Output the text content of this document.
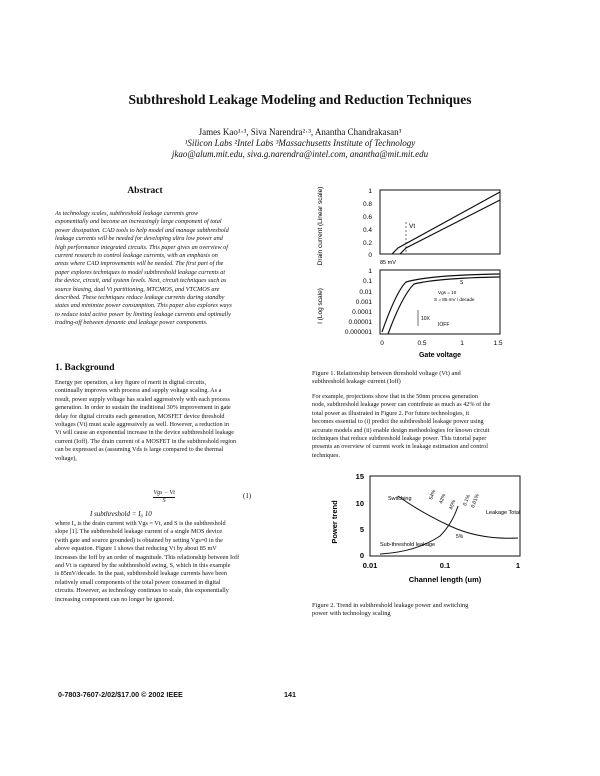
Subthreshold Leakage Modeling and Reduction Techniques
James Kao¹·³, Siva Narendra²·³, Anantha Chandrakasan³
¹Silicon Labs ²Intel Labs ³Massachusetts Institute of Technology
jkao@alum.mit.edu, siva.g.narendra@intel.com, anantha@mit.mit.edu
Abstract
As technology scales, subthreshold leakage currents grow
exponentially and become an increasingly large component of total
power dissipation. CAD tools to help model and manage subthreshold
leakage currents will be needed for developing ultra low power and
high performance integrated circuits. This paper gives an overview of
current research to control leakage currents, with an emphasis on
areas where CAD improvements will be needed. The first part of the
paper explores techniques to model subthreshold leakage currents at
the device, circuit, and system levels. Next, circuit techniques such as
source biasing, dual Vt partitioning, MTCMOS, and VTCMOS are
described. These techniques reduce leakage currents during standby
states and minimize power consumption. This paper also explores ways
to reduce total active power by limiting leakage currents and optimally
trading-off between dynamic and leakage power components.
1. Background
Energy per operation, a key figure of merit in digital circuits,
continually improves with process and supply voltage scaling. As a
result, power supply voltage has scaled aggressively with each process
generation. In order to sustain the traditional 30% improvement in gate
delay for digital circuits each generation, MOSFET device threshold
voltages (Vt) must scale aggressively as well. However, a reduction in
Vt will cause an exponential increase in the device subthreshold leakage
current (Ioff). The drain current of a MOSFET in the subthreshold region
can be expressed as (assuming Vds is large compared to the thermal
voltage),
I subthreshold = I₀ 10
Vgs − Vt
S
(1)
where I₀ is the drain current with Vgs = Vt, and S is the subthreshold
slope [1]. The subthreshold leakage current of a single MOS device
(with gate and source grounded) is obtained by setting Vgs=0 in the
above equation. Figure 1 shows that reducing Vt by about 85 mV
increases the Ioff by an order of magnitude. This relationship between Ioff
and Vt is captured by the subthreshold swing, S, which in this example
is 85mV/decade. In the past, subthreshold leakage currents have been
relatively small components of the total power consumed in digital
circuits. However, as technology continues to scale, this exponentially
increasing component can no longer be ignored.
Drain current (Linear scale)	1
0.8
0.6
0.4
0.2
0
Vt
85 mV
I (Log scale)
1
0.1
0.01
0.001
0.0001
0.00001
0.000001
Vgs = 10
S = 85 mV / decade
S
10X
IOFF
0	0.5	1	1.5
Gate voltage
Figure 1. Relationship between threshold voltage (Vt) and
subthreshold leakage current (Ioff)
For example, projections show that in the 50nm process generation
node, subthreshold leakage power can contribute as much as 42% of the
total power as illustrated in Figure 2. For future technologies, it
becomes essential to (i) predict the subthreshold leakage power using
accurate models and (ii) enable design methodologies for known circuit
techniques that reduce subthreshold leakage power. This tutorial paper
presents an overview of current work in leakage estimation and control
techniques.
Power trend
15
10
5
0
Switching
Sub-threshold leakage
Leakage Total
54% 42%
45%
5%
0.1%
0.01%
0.01	0.1	1
Channel length (um)
Figure 2. Trend in subthreshold leakage power and switching
power with technology scaling
0-7803-7607-2/02/$17.00 © 2002 IEEE	141
